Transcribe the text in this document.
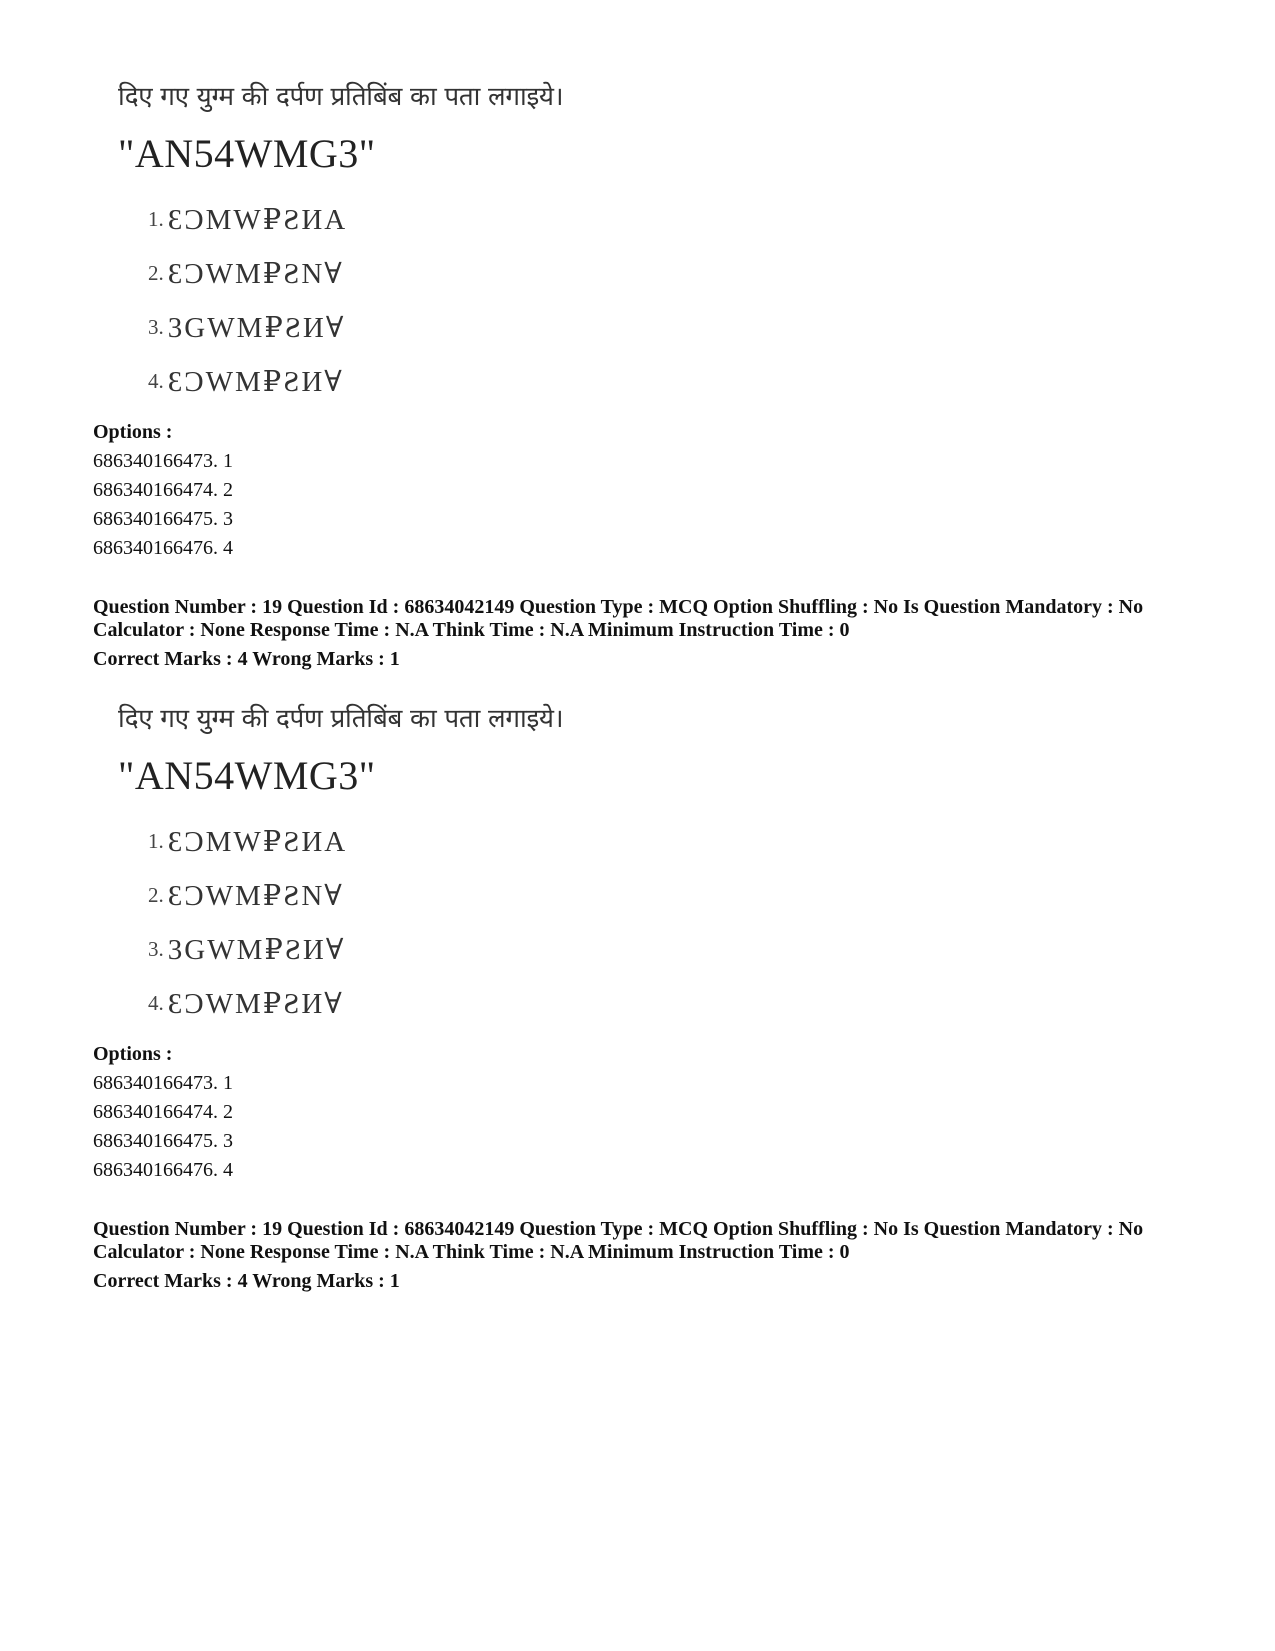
दिए गए युग्म की दर्पण प्रतिबिंब का पता लगाइये।
"AN54WMG3"
1. ƐƆMW₽ƧИA
2. ƐƆWM₽ƧN∀
3. 3GWM₽ƧИ∀
4. ƐƆWM₽ƧИ∀
Options :
686340166473. 1
686340166474. 2
686340166475. 3
686340166476. 4
Question Number : 19 Question Id : 68634042149 Question Type : MCQ Option Shuffling : No Is Question Mandatory : No Calculator : None Response Time : N.A Think Time : N.A Minimum Instruction Time : 0
Correct Marks : 4 Wrong Marks : 1
दिए गए युग्म की दर्पण प्रतिबिंब का पता लगाइये।
"AN54WMG3"
1. ƐƆMW₽ƧИA
2. ƐƆWM₽ƧN∀
3. 3GWM₽ƧИ∀
4. ƐƆWM₽ƧИ∀
Options :
686340166473. 1
686340166474. 2
686340166475. 3
686340166476. 4
Question Number : 19 Question Id : 68634042149 Question Type : MCQ Option Shuffling : No Is Question Mandatory : No Calculator : None Response Time : N.A Think Time : N.A Minimum Instruction Time : 0
Correct Marks : 4 Wrong Marks : 1
